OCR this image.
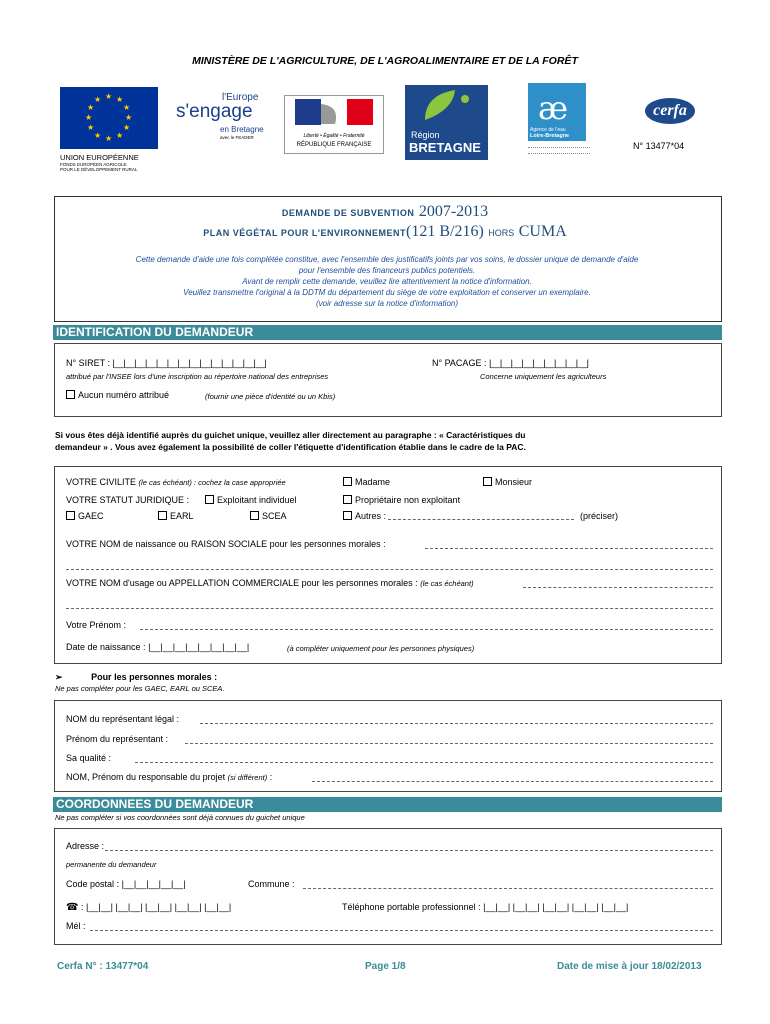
MINISTÈRE DE L'AGRICULTURE, DE L'AGROALIMENTAIRE ET DE LA FORÊT
★ ★
★
★
★
★
★
★
★
★
★
★
UNION EUROPÉENNE
FONDS EUROPÉEN AGRICOLE
POUR LE DÉVELOPPEMENT RURAL
l'Europe
s'engage
en Bretagne
avec le FEADER	Liberté • Égalité • Fraternité
RÉPUBLIQUE FRANÇAISE
Région
BRETAGNE
æ
Agence de l'eau
Loire-Bretagne
cerfa
N° 13477*04
DEMANDE DE SUBVENTION 2007-2013
PLAN VÉGÉTAL POUR L'ENVIRONNEMENT(121 B/216) HORS CUMA
Cette demande d'aide une fois complétée constitue, avec l'ensemble des justificatifs joints par vos soins, le dossier unique de demande d'aide
pour l'ensemble des financeurs publics potentiels.
Avant de remplir cette demande, veuillez lire attentivement la notice d'information.
Veuillez transmettre l'original à la DDTM du département du siège de votre exploitation et conserver un exemplaire.
(voir adresse sur la notice d'information)
IDENTIFICATION DU DEMANDEUR
N° SIRET : |__|__|__|__|__|__|__|__|__|__|__|__|__|__|
attribué par l'INSEE lors d'une inscription au répertoire national des entreprises
N° PACAGE : |__|__|__|__|__|__|__|__|__|
Concerne uniquement les agriculteurs
Aucun numéro attribué	(fournir une pièce d'identité ou un Kbis)
Si vous êtes déjà identifié auprès du guichet unique, veuillez aller directement au paragraphe : « Caractéristiques du
demandeur » . Vous avez également la possibilité de coller l'étiquette d'identification établie dans le cadre de la PAC.
VOTRE CIVILITE (le cas échéant) : cochez la case appropriée	Madame	Monsieur
VOTRE STATUT JURIDIQUE :	Exploitant individuel	Propriétaire non exploitant
GAEC	EARL	SCEA	Autres :	(préciser)
VOTRE NOM de naissance ou RAISON SOCIALE pour les personnes morales :
VOTRE NOM d'usage ou APPELLATION COMMERCIALE pour les personnes morales : (le cas échéant)
Votre Prénom :
Date de naissance : |__|__|__|__|__|__|__|__|	(à compléter uniquement pour les personnes physiques)
➢	Pour les personnes morales :
Ne pas compléter pour les GAEC, EARL ou SCEA.
NOM du représentant légal :
Prénom du représentant :
Sa qualité :
NOM, Prénom du responsable du projet (si différent) :
COORDONNEES DU DEMANDEUR
Ne pas compléter si vos coordonnées sont déjà connues du guichet unique
Adresse :
permanente du demandeur
Code postal : |__|__|__|__|__|	Commune :
☎ : |__|__| |__|__| |__|__| |__|__| |__|__|	Téléphone portable professionnel : |__|__| |__|__| |__|__| |__|__| |__|__|
Mél :
Cerfa N° : 13477*04	Page 1/8	Date de mise à jour 18/02/2013
